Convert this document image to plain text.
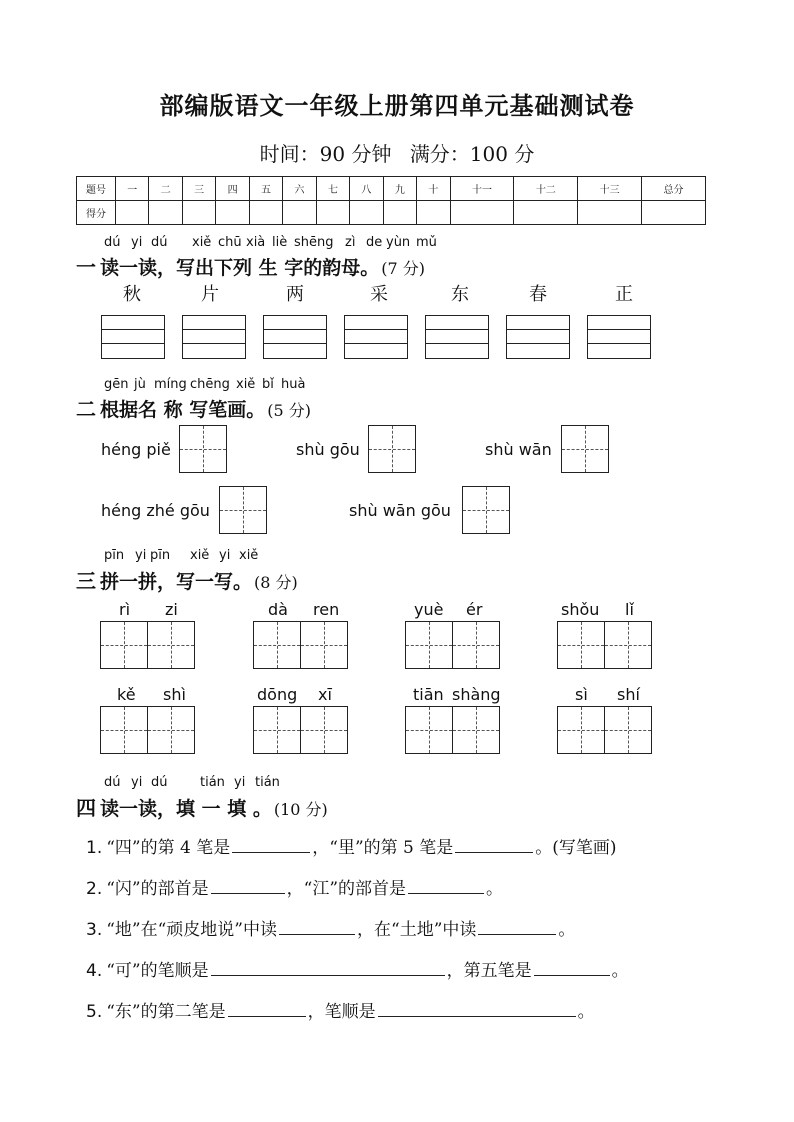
部编版语文一年级上册第四单元基础测试卷
时间：90 分钟 满分：100 分
题号	一	二	三	四	五	六	七	八	九	十	十一	十二	十三	总分
得分														
dú yi dú xiě chū xià liè shēng zì de yùn mǔ
一 读一读，写出下列 生 字的韵母。 (7 分)
秋	片	两	采	东	春	正
gēn jù míng chēng xiě bǐ huà
二 根据名 称 写笔画。 (5 分)
héng piě	shù gōu	shù wān
héng zhé gōu	shù wān gōu
pīn yi pīn xiě yi xiě
三 拼一拼，写一写。 (8 分)
rì zi	dà ren	yuè ér	shǒu lǐ
kě shì	dōng xī	tiān shàng	sì shí
dú yi dú	tián yi tián
四 读一读，填 一 填 。 (10 分)
1. “四”的第 4 笔是	，“里”的第 5 笔是	。(写笔画)
2. “闪”的部首是	，“江”的部首是	。
3. “地”在“顽皮地说”中读	，在“土地”中读	。
4. “可”的笔顺是	，第五笔是	。
5. “东”的第二笔是	，笔顺是	。
